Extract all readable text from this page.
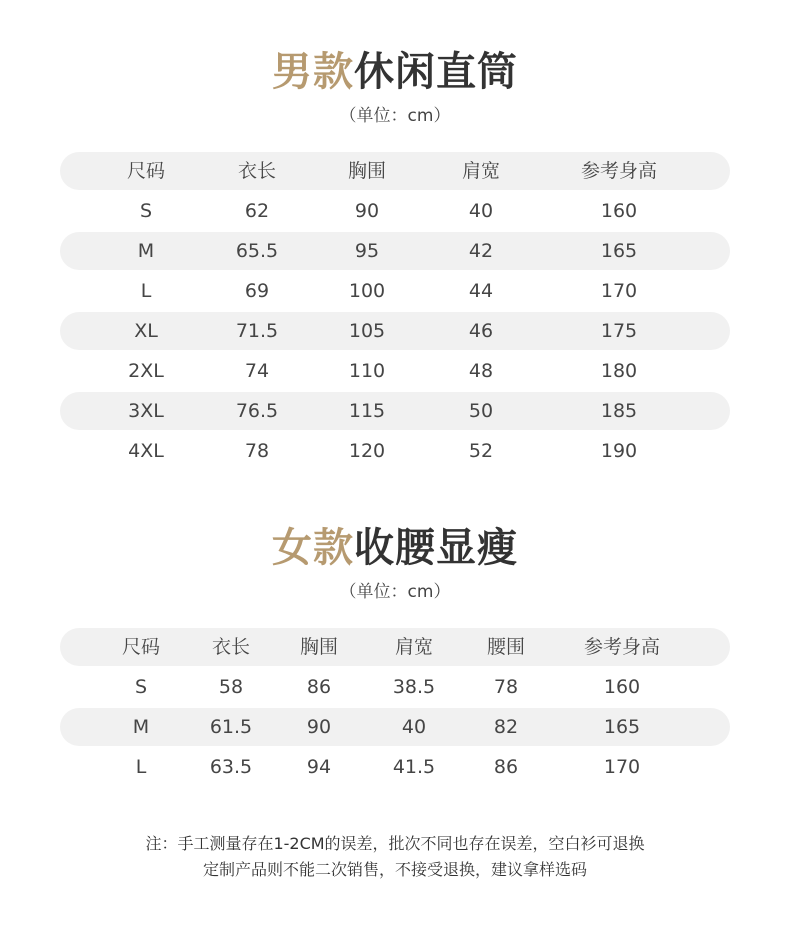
男款休闲直筒
（单位：cm）
尺码	衣长	胸围	肩宽	参考身高
S	62	90	40	160
M	65.5	95	42	165
L	69	100	44	170
XL	71.5	105	46	175
2XL	74	110	48	180
3XL	76.5	115	50	185
4XL	78	120	52	190
女款收腰显瘦
（单位：cm）
尺码	衣长	胸围	肩宽	腰围	参考身高
S	58	86	38.5	78	160
M	61.5	90	40	82	165
L	63.5	94	41.5	86	170
注：手工测量存在1-2CM的误差，批次不同也存在误差，空白衫可退换
定制产品则不能二次销售，不接受退换，建议拿样选码
